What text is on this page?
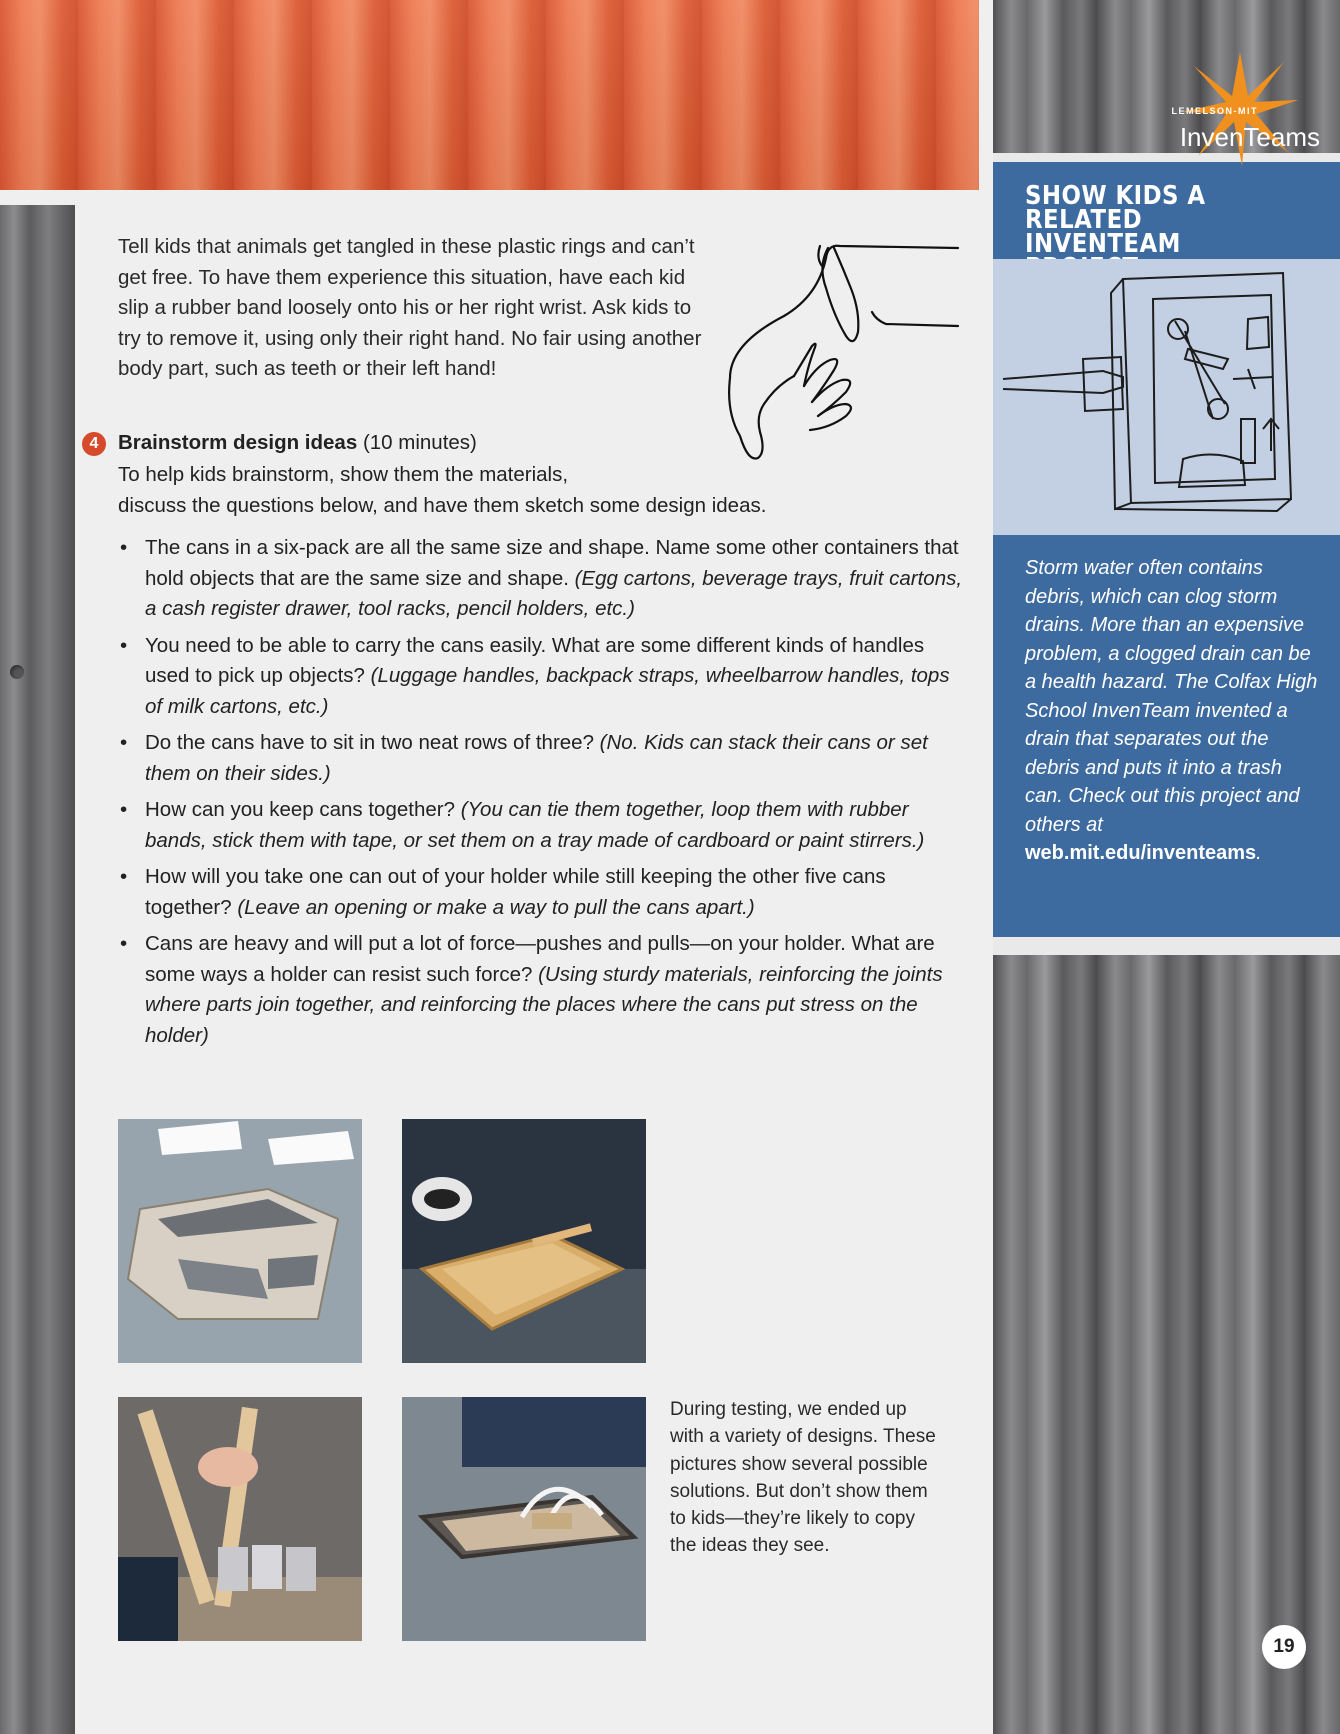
SHOW KIDS A RELATED INVENTEAM
Storm water often contains debris, which can clog storm drains. More than an expensive problem, a clogged drain can be a health hazard. The Colfax High School InvenTeam invented a drain that separates out the debris and puts it into a trash can. Check out this project and others at web.mit.edu/inventeams.
LEMELSON-MIT
InvenTeams
19
Tell kids that animals get tangled in these plastic rings and can’t get free. To have them experience this situation, have each kid slip a rubber band loosely onto his or her right wrist. Ask kids to try to remove it, using only their right hand. No fair using another body part, such as teeth or their left hand!
4 Brainstorm design ideas (10 minutes)
To help kids brainstorm, show them the materials,
discuss the questions below, and have them sketch some design ideas.
• The cans in a six-pack are all the same size and shape. Name some other containers that hold objects that are the same size and shape. (Egg cartons, beverage trays, fruit cartons, a cash register drawer, tool racks, pencil holders, etc.)
• You need to be able to carry the cans easily. What are some different kinds of handles used to pick up objects? (Luggage handles, backpack straps, wheelbarrow handles, tops of milk cartons, etc.)
• Do the cans have to sit in two neat rows of three? (No. Kids can stack their cans or set them on their sides.)
• How can you keep cans together? (You can tie them together, loop them with rubber bands, stick them with tape, or set them on a tray made of cardboard or paint stirrers.)
• How will you take one can out of your holder while still keeping the other five cans together? (Leave an opening or make a way to pull the cans apart.)
• Cans are heavy and will put a lot of force—pushes and pulls—on your holder. What are some ways a holder can resist such force? (Using sturdy materials, reinforcing the joints where parts join together, and reinforcing the places where the cans put stress on the holder)
During testing, we ended up with a variety of designs. These pictures show several possible solutions. But don’t show them to kids—they’re likely to copy the ideas they see.
